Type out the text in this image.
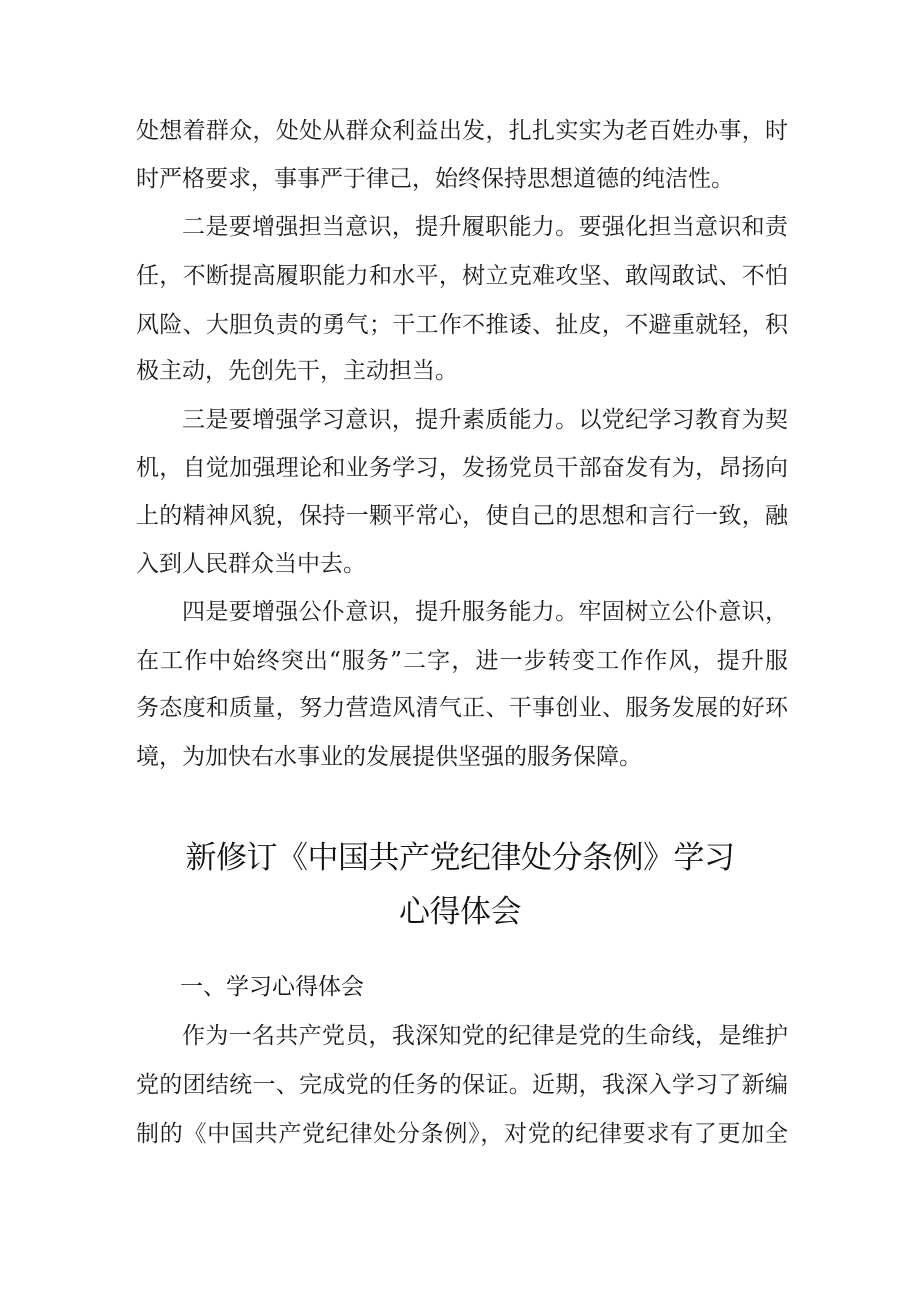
处想着群众，处处从群众利益出发，扎扎实实为老百姓办事，时
时严格要求，事事严于律己，始终保持思想道德的纯洁性。
二是要增强担当意识，提升履职能力。要强化担当意识和责
任，不断提高履职能力和水平，树立克难攻坚、敢闯敢试、不怕
风险、大胆负责的勇气；干工作不推诿、扯皮，不避重就轻，积
极主动，先创先干，主动担当。
三是要增强学习意识，提升素质能力。以党纪学习教育为契
机，自觉加强理论和业务学习，发扬党员干部奋发有为，昂扬向
上的精神风貌，保持一颗平常心，使自己的思想和言行一致，融
入到人民群众当中去。
四是要增强公仆意识，提升服务能力。牢固树立公仆意识，
在工作中始终突出“服务”二字，进一步转变工作作风，提升服
务态度和质量，努力营造风清气正、干事创业、服务发展的好环
境，为加快右水事业的发展提供坚强的服务保障。
新修订《中国共产党纪律处分条例》学习
心得体会
一、学习心得体会
作为一名共产党员，我深知党的纪律是党的生命线，是维护
党的团结统一、完成党的任务的保证。近期，我深入学习了新编
制的《中国共产党纪律处分条例》，对党的纪律要求有了更加全
